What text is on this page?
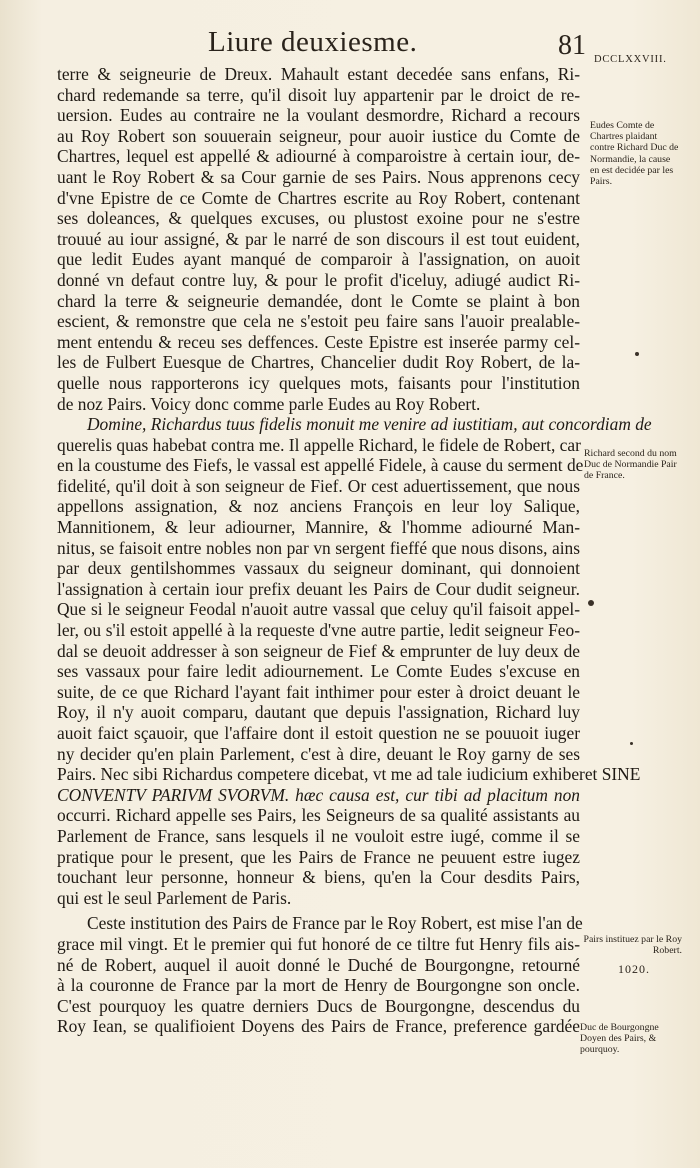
Liure deuxiesme.	81 DCCLXXVIII.
terre & seigneurie de Dreux. Mahault estant decedée sans enfans, Ri-
chard redemande sa terre, qu'il disoit luy appartenir par le droict de re-
uersion. Eudes au contraire ne la voulant desmordre, Richard a recours
au Roy Robert son souuerain seigneur, pour auoir iustice du Comte de
Chartres, lequel est appellé & adiourné à comparoistre à certain iour, de-
uant le Roy Robert & sa Cour garnie de ses Pairs. Nous apprenons cecy
d'vne Epistre de ce Comte de Chartres escrite au Roy Robert, contenant
ses doleances, & quelques excuses, ou plustost exoine pour ne s'estre
trouué au iour assigné, & par le narré de son discours il est tout euident,
que ledit Eudes ayant manqué de comparoir à l'assignation, on auoit
donné vn defaut contre luy, & pour le profit d'iceluy, adiugé audict Ri-
chard la terre & seigneurie demandée, dont le Comte se plaint à bon
escient, & remonstre que cela ne s'estoit peu faire sans l'auoir prealable-
ment entendu & receu ses deffences. Ceste Epistre est inserée parmy cel-
les de Fulbert Euesque de Chartres, Chancelier dudit Roy Robert, de la-
quelle nous rapporterons icy quelques mots, faisants pour l'institution
de noz Pairs. Voicy donc comme parle Eudes au Roy Robert.
Domine, Richardus tuus fidelis monuit me venire ad iustitiam, aut concordiam de
querelis quas habebat contra me. Il appelle Richard, le fidele de Robert, car
en la coustume des Fiefs, le vassal est appellé Fidele, à cause du serment de
fidelité, qu'il doit à son seigneur de Fief. Or cest aduertissement, que nous
appellons assignation, & noz anciens François en leur loy Salique,
Mannitionem, & leur adiourner, Mannire, & l'homme adiourné Man-
nitus, se faisoit entre nobles non par vn sergent fieffé que nous disons, ains
par deux gentilshommes vassaux du seigneur dominant, qui donnoient
l'assignation à certain iour prefix deuant les Pairs de Cour dudit seigneur.
Que si le seigneur Feodal n'auoit autre vassal que celuy qu'il faisoit appel-
ler, ou s'il estoit appellé à la requeste d'vne autre partie, ledit seigneur Feo-
dal se deuoit addresser à son seigneur de Fief & emprunter de luy deux de
ses vassaux pour faire ledit adiournement. Le Comte Eudes s'excuse en
suite, de ce que Richard l'ayant fait inthimer pour ester à droict deuant le
Roy, il n'y auoit comparu, dautant que depuis l'assignation, Richard luy
auoit faict sçauoir, que l'affaire dont il estoit question ne se pouuoit iuger
ny decider qu'en plain Parlement, c'est à dire, deuant le Roy garny de ses
Pairs. Nec sibi Richardus competere dicebat, vt me ad tale iudicium exhiberet SINE
CONVENTV PARIVM SVORVM. hæc causa est, cur tibi ad placitum non
occurri. Richard appelle ses Pairs, les Seigneurs de sa qualité assistants au
Parlement de France, sans lesquels il ne vouloit estre iugé, comme il se
pratique pour le present, que les Pairs de France ne peuuent estre iugez
touchant leur personne, honneur & biens, qu'en la Cour desdits Pairs,
qui est le seul Parlement de Paris.
Ceste institution des Pairs de France par le Roy Robert, est mise l'an de
grace mil vingt. Et le premier qui fut honoré de ce tiltre fut Henry fils ais-
né de Robert, auquel il auoit donné le Duché de Bourgongne, retourné
à la couronne de France par la mort de Henry de Bourgongne son oncle.
C'est pourquoy les quatre derniers Ducs de Bourgongne, descendus du
Roy Iean, se qualifioient Doyens des Pairs de France, preference gardée
Eudes Comte de Chartres plaidant contre Richard Duc de Normandie, la cause en est decidée par les Pairs.
Richard second du nom Duc de Normandie Pair de France.
Pairs instituez par le Roy Robert.
1020.
Duc de Bourgongne Doyen des Pairs, & pourquoy.
